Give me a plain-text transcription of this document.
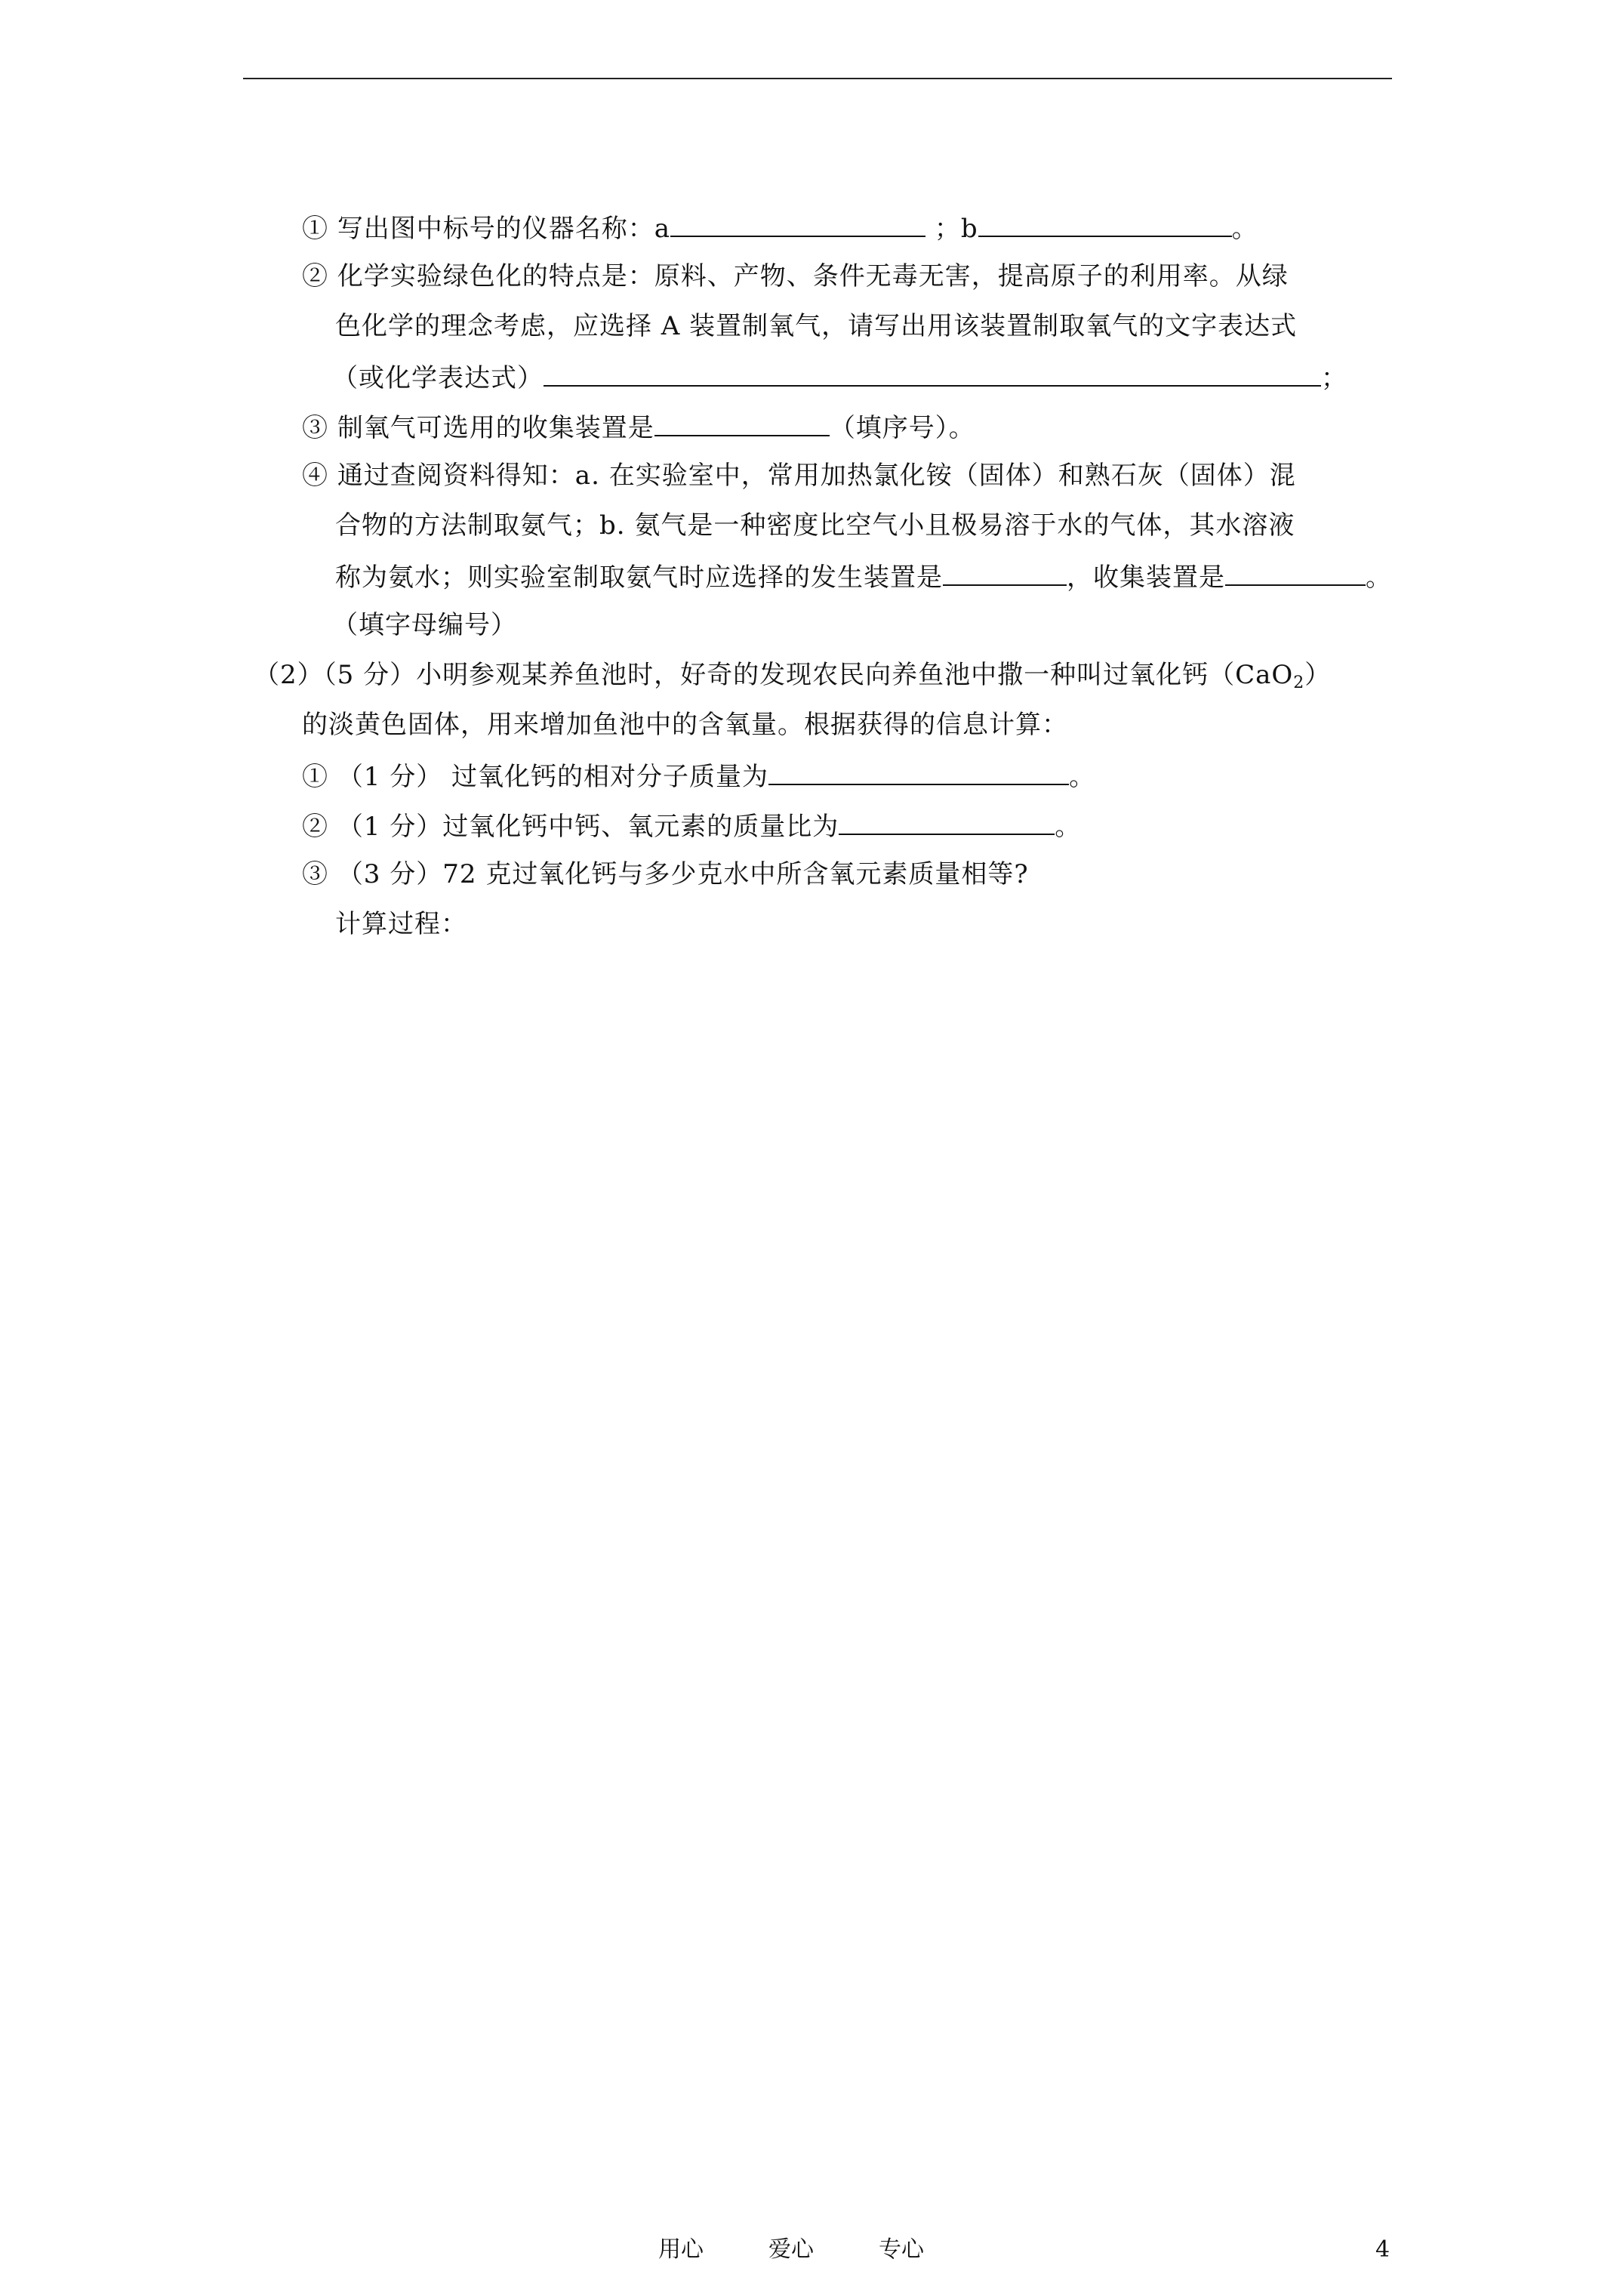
① 写出图中标号的仪器名称：a	；b	。
② 化学实验绿色化的特点是：原料、产物、条件无毒无害，提高原子的利用率。从绿
色化学的理念考虑，应选择 A 装置制氧气，请写出用该装置制取氧气的文字表达式
（或化学表达式）	；
③ 制氧气可选用的收集装置是	（填序号）。
④ 通过查阅资料得知：a. 在实验室中，常用加热氯化铵（固体）和熟石灰（固体）混
合物的方法制取氨气；b. 氨气是一种密度比空气小且极易溶于水的气体，其水溶液
称为氨水；则实验室制取氨气时应选择的发生装置是	，收集装置是	。
（填字母编号）
（2）（5 分）小明参观某养鱼池时，好奇的发现农民向养鱼池中撒一种叫过氧化钙（CaO$_2$）
的淡黄色固体，用来增加鱼池中的含氧量。根据获得的信息计算：
① （1 分） 过氧化钙的相对分子质量为	。
② （1 分）过氧化钙中钙、氧元素的质量比为	。
③ （3 分）72 克过氧化钙与多少克水中所含氧元素质量相等?
计算过程：
用心	爱心	专心	4
